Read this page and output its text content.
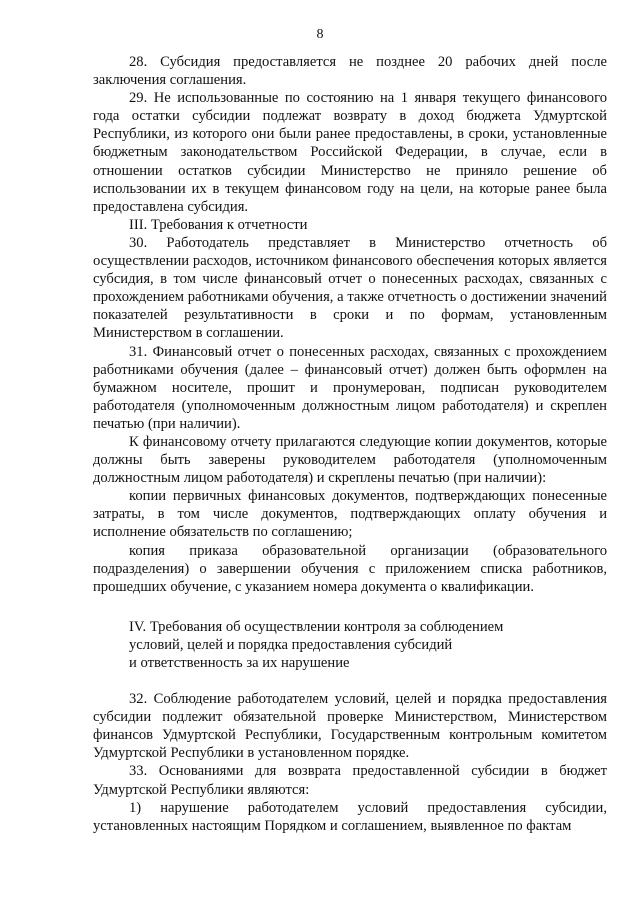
8

28. Субсидия предоставляется не позднее 20 рабочих дней после заключения соглашения.

29. Не использованные по состоянию на 1 января текущего финансового года остатки субсидии подлежат возврату в доход бюджета Удмуртской Республики, из которого они были ранее предоставлены, в сроки, установленные бюджетным законодательством Российской Федерации, в случае, если в отношении остатков субсидии Министерство не приняло решение об использовании их в текущем финансовом году на цели, на которые ранее была предоставлена субсидия.

III. Требования к отчетности

30. Работодатель представляет в Министерство отчетность об осуществлении расходов, источником финансового обеспечения которых является субсидия, в том числе финансовый отчет о понесенных расходах, связанных с прохождением работниками обучения, а также отчетность о достижении значений показателей результативности в сроки и по формам, установленным Министерством в соглашении.

31. Финансовый отчет о понесенных расходах, связанных с прохождением работниками обучения (далее – финансовый отчет) должен быть оформлен на бумажном носителе, прошит и пронумерован, подписан руководителем работодателя (уполномоченным должностным лицом работодателя) и скреплен печатью (при наличии).

К финансовому отчету прилагаются следующие копии документов, которые должны быть заверены руководителем работодателя (уполномоченным должностным лицом работодателя) и скреплены печатью (при наличии):

копии первичных финансовых документов, подтверждающих понесенные затраты, в том числе документов, подтверждающих оплату обучения и исполнение обязательств по соглашению;

копия приказа образовательной организации (образовательного подразделения) о завершении обучения с приложением списка работников, прошедших обучение, с указанием номера документа о квалификации.

IV. Требования об осуществлении контроля за соблюдением

условий, целей и порядка предоставления субсидий

и ответственность за их нарушение

32. Соблюдение работодателем условий, целей и порядка предоставления субсидии подлежит обязательной проверке Министерством, Министерством финансов Удмуртской Республики, Государственным контрольным комитетом Удмуртской Республики в установленном порядке.

33. Основаниями для возврата предоставленной субсидии в бюджет Удмуртской Республики являются:

1) нарушение работодателем условий предоставления субсидии, установленных настоящим Порядком и соглашением, выявленное по фактам
